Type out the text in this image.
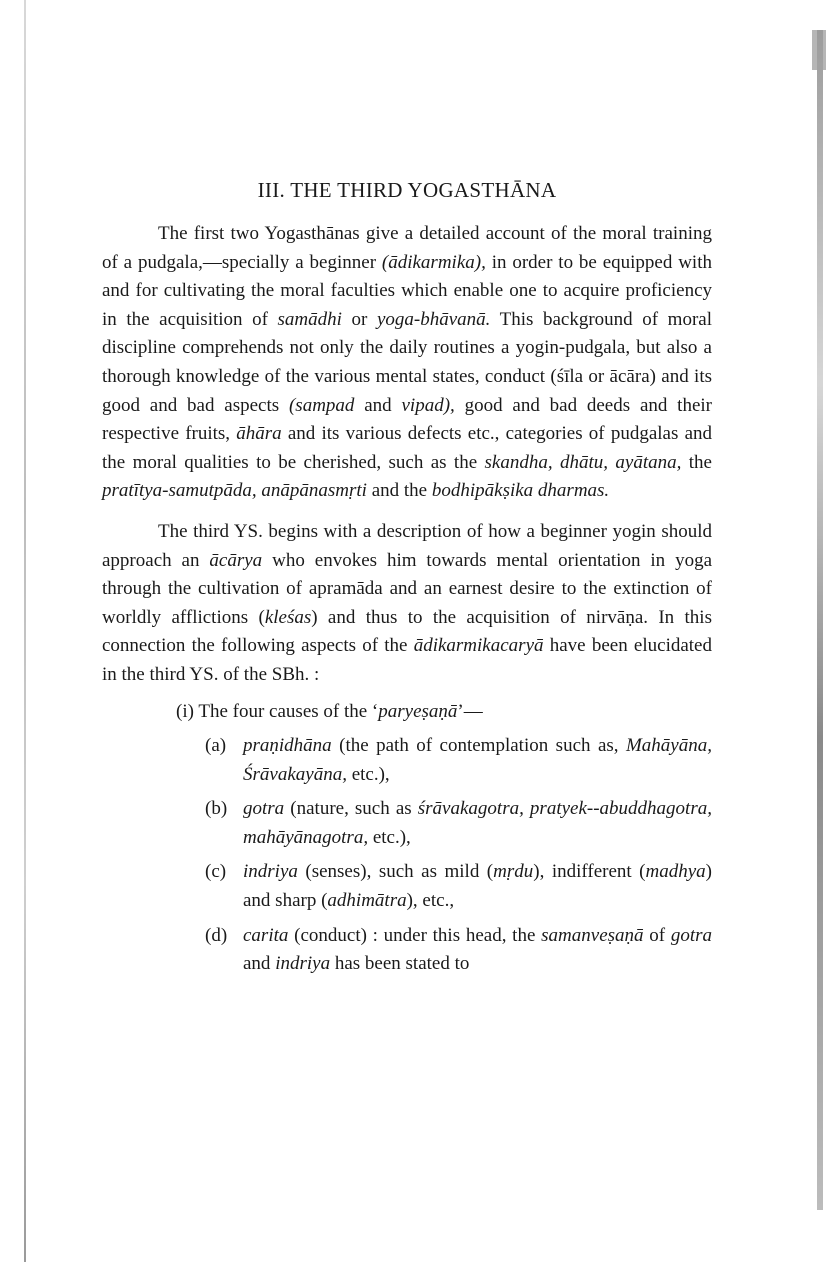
III. THE THIRD YOGASTHĀNA

The first two Yogasthānas give a detailed account of the moral training of a pudgala,—specially a beginner (ādikarmika), in order to be equipped with and for cultivating the moral faculties which enable one to acquire proficiency in the acquisition of samādhi or yoga-bhāvanā. This background of moral discipline comprehends not only the daily routines a yogin-pudgala, but also a thorough knowledge of the various mental states, conduct (śīla or ācāra) and its good and bad aspects (sampad and vipad), good and bad deeds and their respective fruits, āhāra and its various defects etc., categories of pudgalas and the moral qualities to be cherished, such as the skandha, dhātu, ayātana, the pratītya-samutpāda, anāpānasmṛti and the bodhipākṣika dharmas.

The third YS. begins with a description of how a beginner yogin should approach an ācārya who envokes him towards mental orientation in yoga through the cultivation of apramāda and an earnest desire to the extinction of worldly afflictions (kleśas) and thus to the acquisition of nirvāṇa. In this connection the following aspects of the ādikarmikacaryā have been elucidated in the third YS. of the SBh. :

(i) The four causes of the ‘paryeṣaṇā’—
(a) praṇidhāna (the path of contemplation such as, Mahāyāna, Śrāvakayāna, etc.),
(b) gotra (nature, such as śrāvakagotra, pratyek--abuddhagotra, mahāyānagotra, etc.),
(c) indriya (senses), such as mild (mṛdu), indifferent (madhya) and sharp (adhimātra), etc.,
(d) carita (conduct) : under this head, the samanveṣaṇā of gotra and indriya has been stated to
